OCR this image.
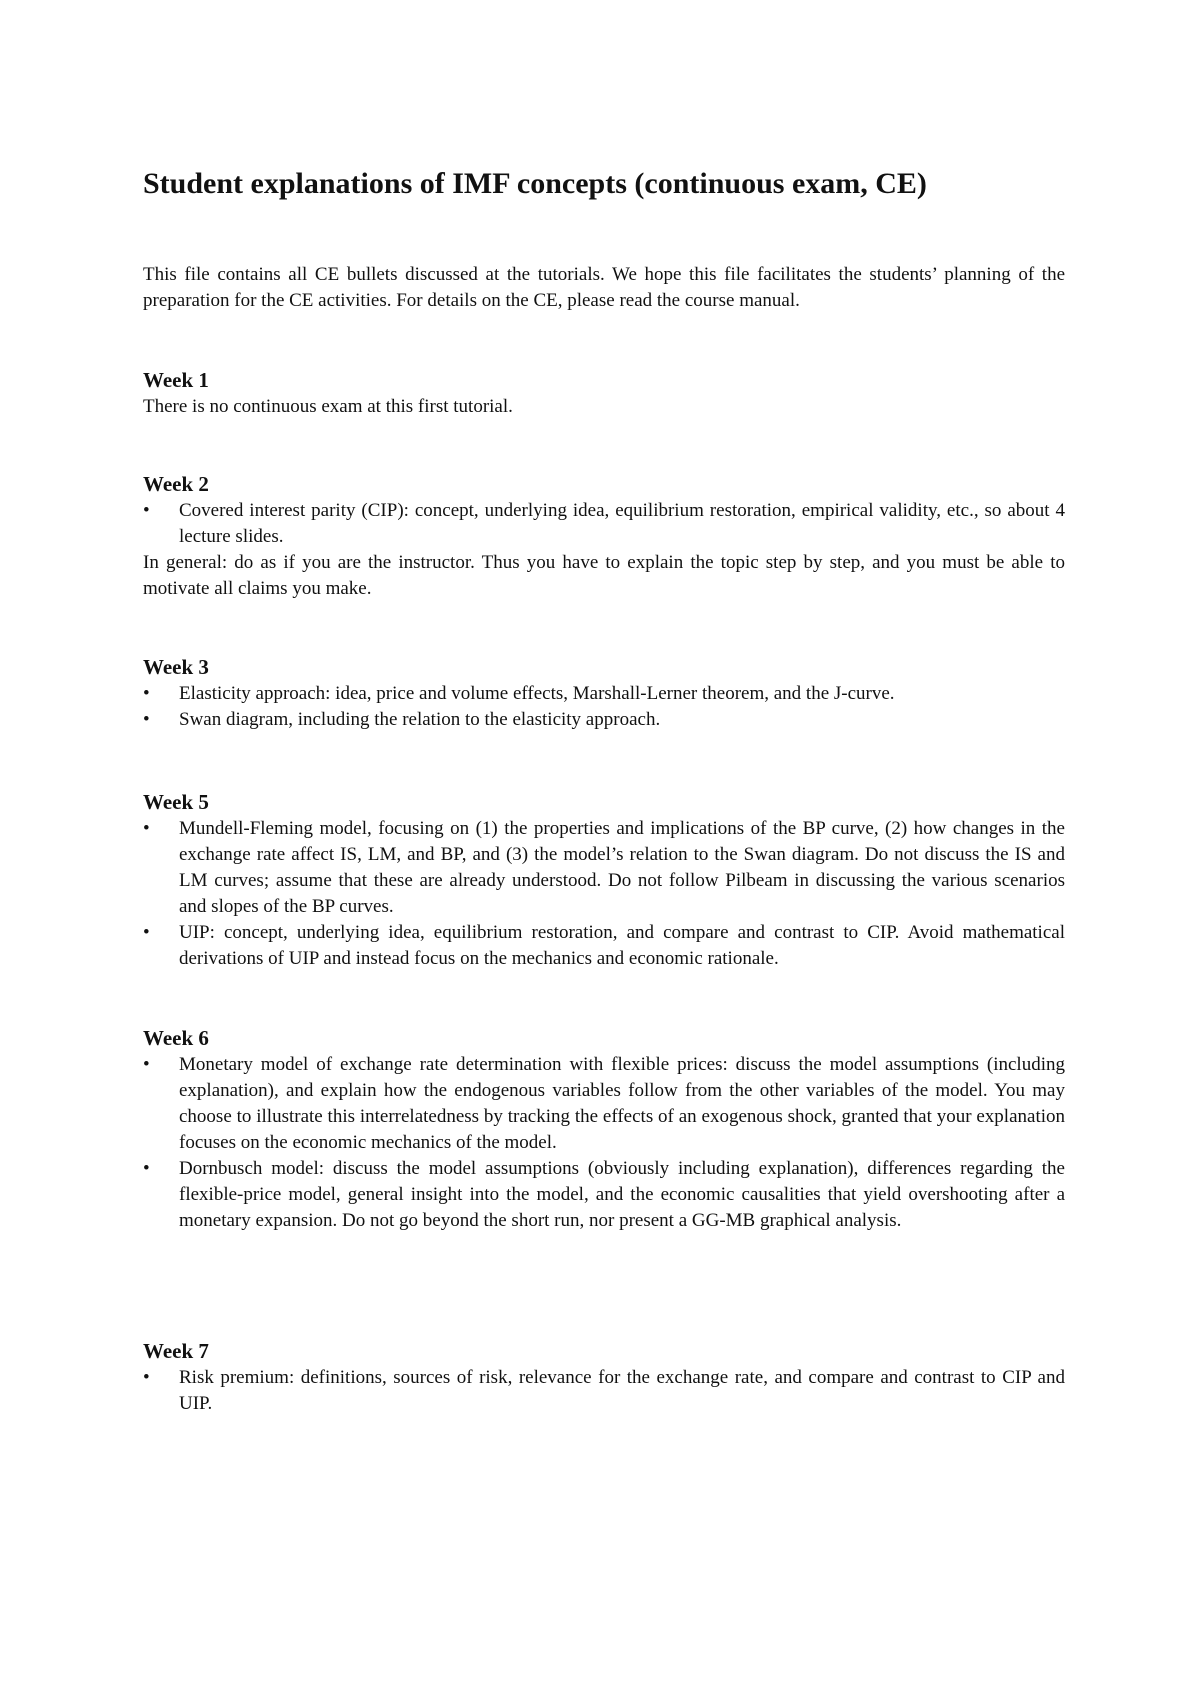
Student explanations of IMF concepts (continuous exam, CE)

This file contains all CE bullets discussed at the tutorials. We hope this file facilitates the students’ planning of the preparation for the CE activities. For details on the CE, please read the course manual.

Week 1

There is no continuous exam at this first tutorial.

Week 2
•	Covered interest parity (CIP): concept, underlying idea, equilibrium restoration, empirical validity, etc., so about 4 lecture slides.

In general: do as if you are the instructor. Thus you have to explain the topic step by step, and you must be able to motivate all claims you make.

Week 3
•	Elasticity approach: idea, price and volume effects, Marshall-Lerner theorem, and the J-curve.
•	Swan diagram, including the relation to the elasticity approach.
Week 5
•	Mundell-Fleming model, focusing on (1) the properties and implications of the BP curve, (2) how changes in the exchange rate affect IS, LM, and BP, and (3) the model’s relation to the Swan diagram. Do not discuss the IS and LM curves; assume that these are already understood. Do not follow Pilbeam in discussing the various scenarios and slopes of the BP curves.
•	UIP: concept, underlying idea, equilibrium restoration, and compare and contrast to CIP. Avoid mathematical derivations of UIP and instead focus on the mechanics and economic rationale.
Week 6
•	Monetary model of exchange rate determination with flexible prices: discuss the model assumptions (including explanation), and explain how the endogenous variables follow from the other variables of the model. You may choose to illustrate this interrelatedness by tracking the effects of an exogenous shock, granted that your explanation focuses on the economic mechanics of the model.
•	Dornbusch model: discuss the model assumptions (obviously including explanation), differences regarding the flexible-price model, general insight into the model, and the economic causalities that yield overshooting after a monetary expansion. Do not go beyond the short run, nor present a GG-MB graphical analysis.
Week 7
•	Risk premium: definitions, sources of risk, relevance for the exchange rate, and compare and contrast to CIP and UIP.
